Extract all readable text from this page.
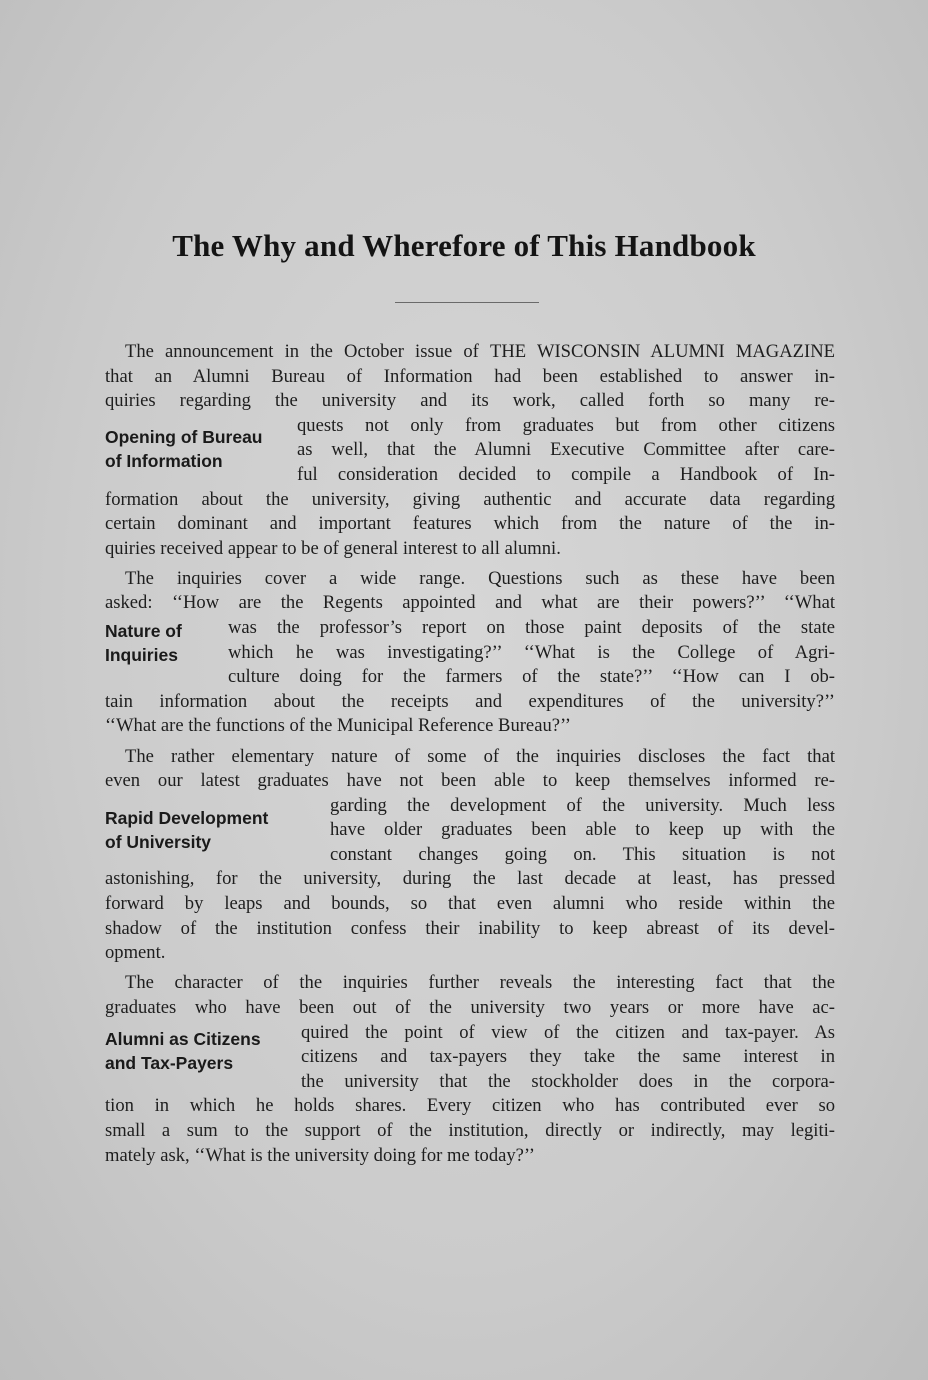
The Why and Wherefore of This Handbook
The announcement in the October issue of THE WISCONSIN ALUMNI MAGAZINE
that an Alumni Bureau of Information had been established to answer in-
quiries regarding the university and its work, called forth so many re-
quests not only from graduates but from other citizens
as well, that the Alumni Executive Committee after care-
ful consideration decided to compile a Handbook of In-
formation about the university, giving authentic and accurate data regarding
certain dominant and important features which from the nature of the in-
quiries received appear to be of general interest to all alumni.
Opening of Bureau
of Information
The inquiries cover a wide range. Questions such as these have been
asked: ‘‘How are the Regents appointed and what are their powers?’’ ‘‘What
was the professor’s report on those paint deposits of the state
which he was investigating?’’ ‘‘What is the College of Agri-
culture doing for the farmers of the state?’’ ‘‘How can I ob-
tain information about the receipts and expenditures of the university?’’
‘‘What are the functions of the Municipal Reference Bureau?’’
Nature of
Inquiries
The rather elementary nature of some of the inquiries discloses the fact that
even our latest graduates have not been able to keep themselves informed re-
garding the development of the university. Much less
have older graduates been able to keep up with the
constant changes going on. This situation is not
astonishing, for the university, during the last decade at least, has pressed
forward by leaps and bounds, so that even alumni who reside within the
shadow of the institution confess their inability to keep abreast of its devel-
opment.
Rapid Development
of University
The character of the inquiries further reveals the interesting fact that the
graduates who have been out of the university two years or more have ac-
quired the point of view of the citizen and tax-payer. As
citizens and tax-payers they take the same interest in
the university that the stockholder does in the corpora-
tion in which he holds shares. Every citizen who has contributed ever so
small a sum to the support of the institution, directly or indirectly, may legiti-
mately ask, ‘‘What is the university doing for me today?’’
Alumni as Citizens
and Tax-Payers
